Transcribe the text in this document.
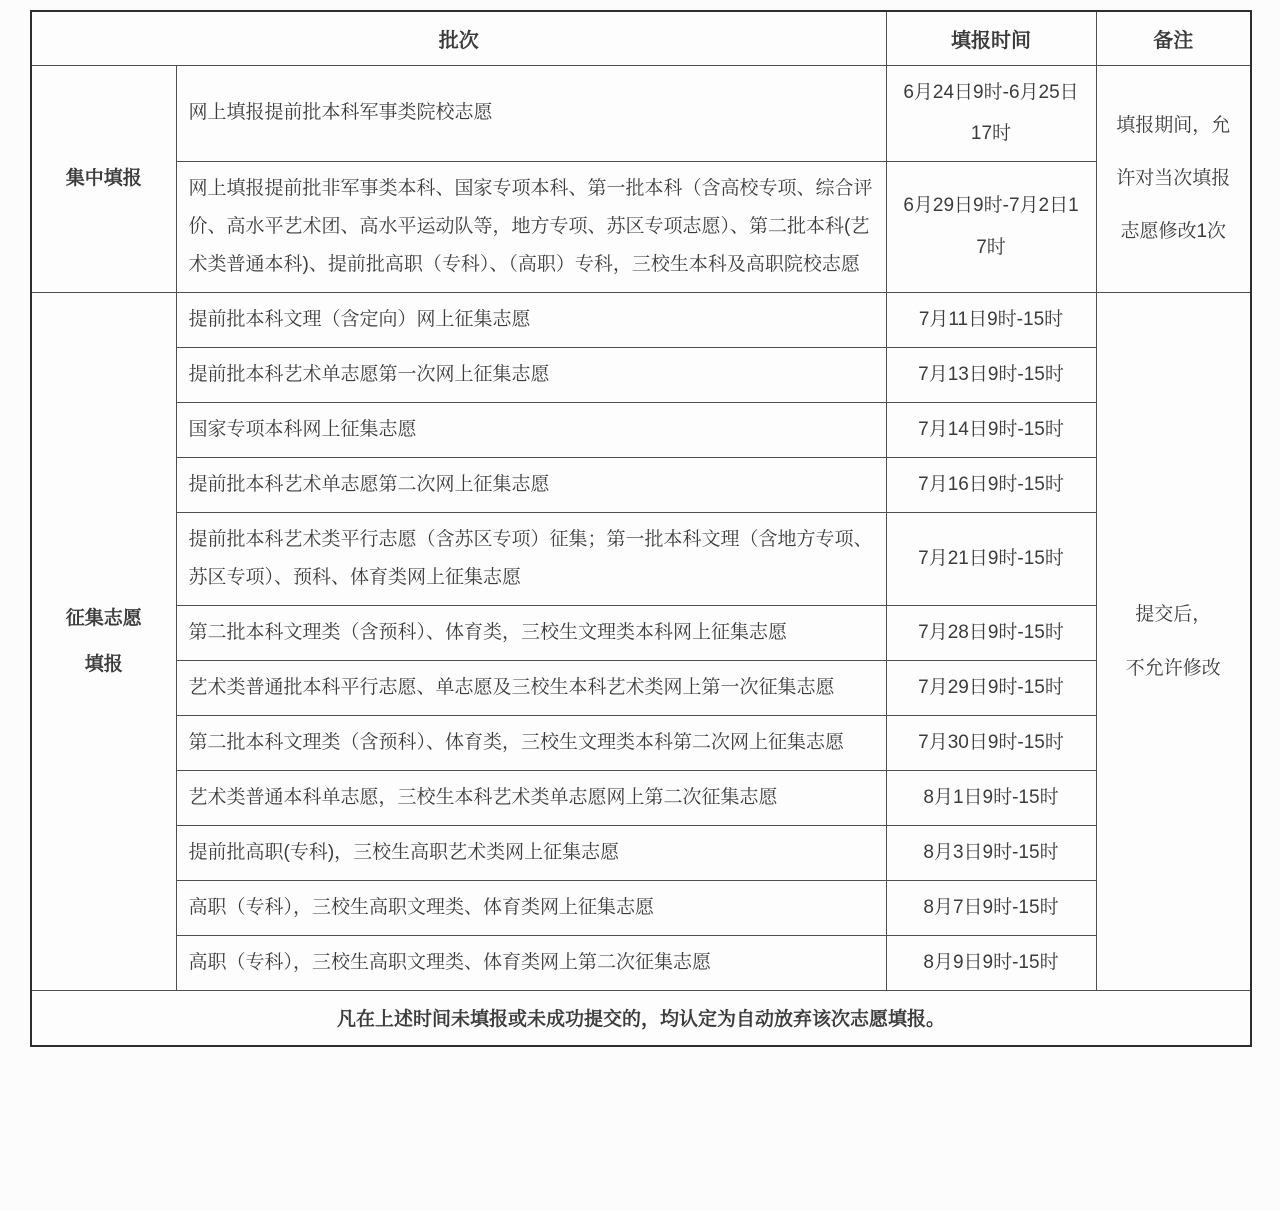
批次		填报时间	备注

集中填报	网上填报提前批本科军事类院校志愿	6月24日9时-6月25日17时	填报期间，允
许对当次填报
志愿修改1次

	网上填报提前批非军事类本科、国家专项本科、第一批本科（含高校专项、综合评价、高水平艺术团、高水平运动队等，地方专项、苏区专项志愿）、第二批本科(艺术类普通本科)、提前批高职（专科）、（高职）专科，三校生本科及高职院校志愿	6月29日9时-7月2日17时	

征集志愿
填报
	提前批本科文理（含定向）网上征集志愿	7月11日9时-15时	
提交后，
不允许修改

	提前批本科艺术单志愿第一次网上征集志愿	7月13日9时-15时	
	国家专项本科网上征集志愿	7月14日9时-15时	
	提前批本科艺术单志愿第二次网上征集志愿	7月16日9时-15时	
	提前批本科艺术类平行志愿（含苏区专项）征集；第一批本科文理（含地方专项、苏区专项）、预科、体育类网上征集志愿	7月21日9时-15时	
	第二批本科文理类（含预科）、体育类，三校生文理类本科网上征集志愿	7月28日9时-15时	
	艺术类普通批本科平行志愿、单志愿及三校生本科艺术类网上第一次征集志愿	7月29日9时-15时	
	第二批本科文理类（含预科）、体育类，三校生文理类本科第二次网上征集志愿	7月30日9时-15时	
	艺术类普通本科单志愿，三校生本科艺术类单志愿网上第二次征集志愿	8月1日9时-15时	
	提前批高职(专科)，三校生高职艺术类网上征集志愿	8月3日9时-15时	
	高职（专科），三校生高职文理类、体育类网上征集志愿	8月7日9时-15时	
	高职（专科），三校生高职文理类、体育类网上第二次征集志愿	8月9日9时-15时	
凡在上述时间未填报或未成功提交的，均认定为自动放弃该次志愿填报。			
